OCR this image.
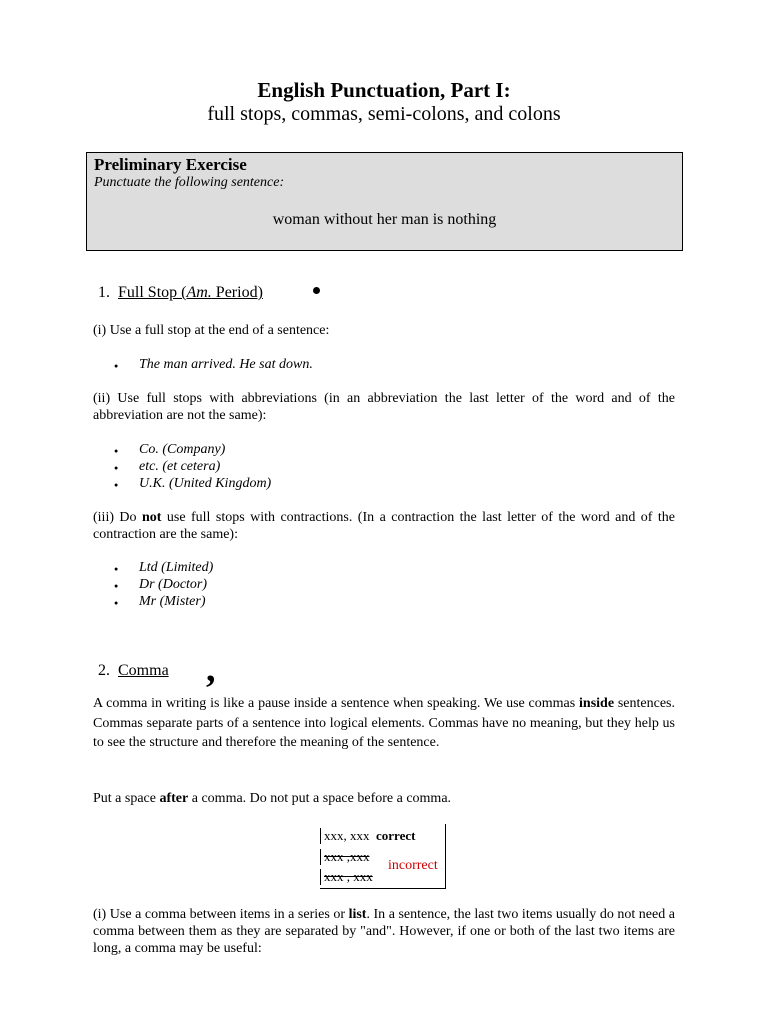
English Punctuation, Part I:
full stops, commas, semi-colons, and colons
Preliminary Exercise
Punctuate the following sentence:
woman without her man is nothing
1. Full Stop (Am. Period)
(i) Use a full stop at the end of a sentence:
● The man arrived. He sat down.
(ii) Use full stops with abbreviations (in an abbreviation the last letter of the word and of the abbreviation are not the same):
● Co. (Company)
● etc. (et cetera)
● U.K. (United Kingdom)
(iii) Do not use full stops with contractions. (In a contraction the last letter of the word and of the contraction are the same):
● Ltd (Limited)
● Dr (Doctor)
● Mr (Mister)
2. Comma ,
A comma in writing is like a pause inside a sentence when speaking. We use commas inside sentences. Commas separate parts of a sentence into logical elements. Commas have no meaning, but they help us to see the structure and therefore the meaning of the sentence.
Put a space after a comma. Do not put a space before a comma.
xxx, xxx correct
xxx ,xxx
xxx , xxx
incorrect
(i) Use a comma between items in a series or list. In a sentence, the last two items usually do not need a comma between them as they are separated by "and". However, if one or both of the last two items are long, a comma may be useful:
